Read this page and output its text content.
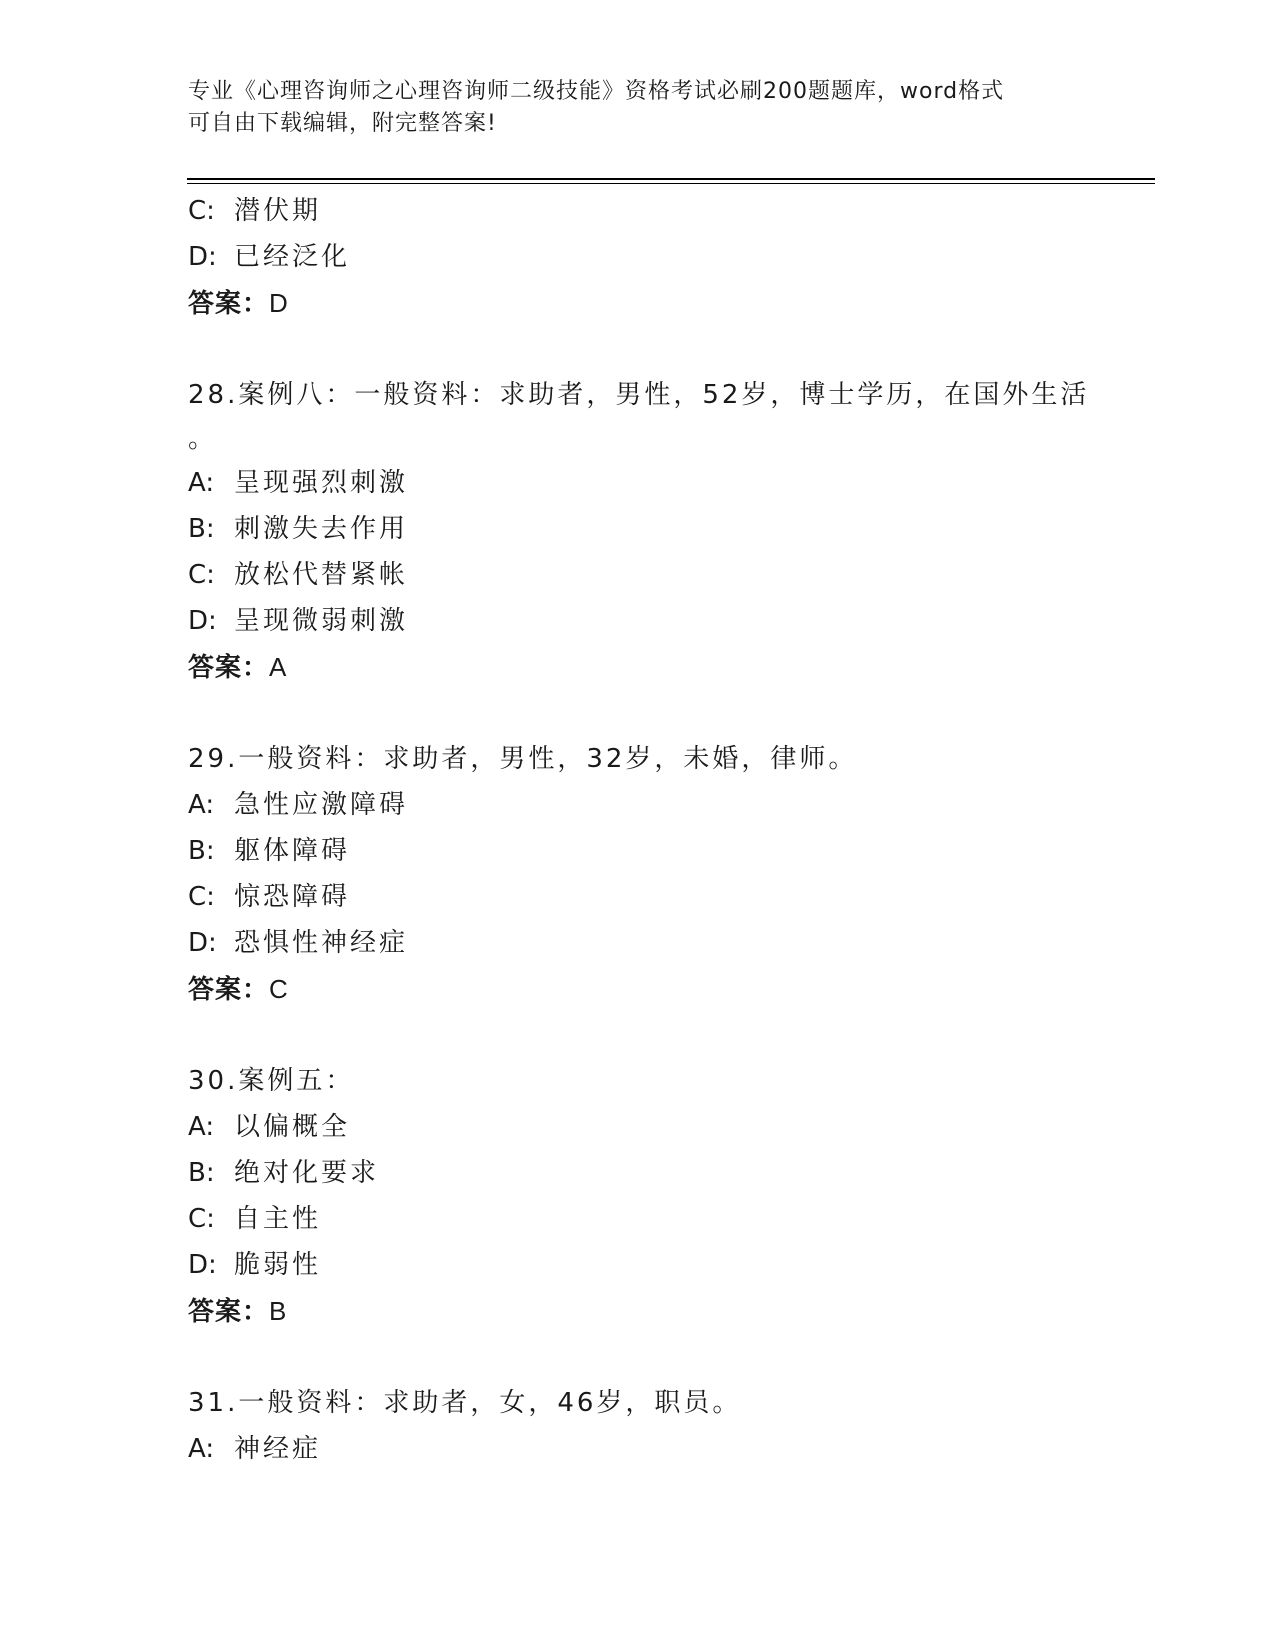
专业《心理咨询师之心理咨询师二级技能》资格考试必刷200题题库，word格式
可自由下载编辑，附完整答案!
C: 潜伏期
D: 已经泛化
答案：D
28.案例八：一般资料：求助者，男性，52岁，博士学历，在国外生活
。
A: 呈现强烈刺激
B: 刺激失去作用
C: 放松代替紧帐
D: 呈现微弱刺激
答案：A
29.一般资料：求助者，男性，32岁，未婚，律师。
A: 急性应激障碍
B: 躯体障碍
C: 惊恐障碍
D: 恐惧性神经症
答案：C
30.案例五：
A: 以偏概全
B: 绝对化要求
C: 自主性
D: 脆弱性
答案：B
31.一般资料：求助者，女，46岁，职员。
A: 神经症
